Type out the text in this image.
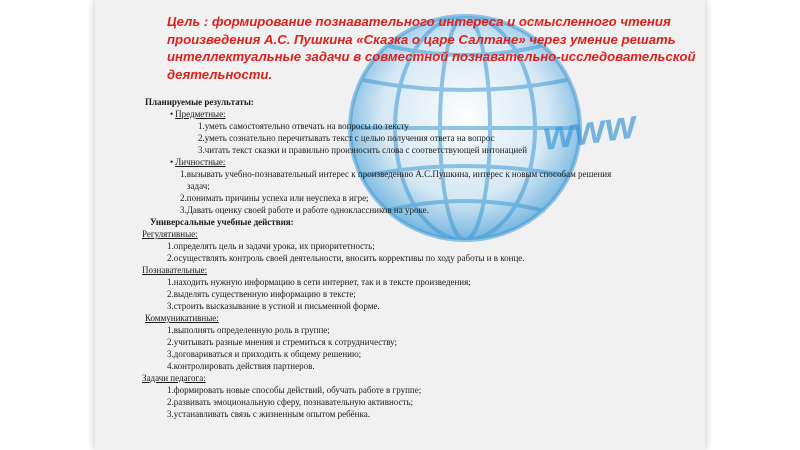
www
Цель : формирование познавательного интереса и осмысленного чтения произведения А.С. Пушкина «Сказка о царе Салтане» через умение решать интеллектуальные задачи в совместной познавательно-исследовательской деятельности.
Планируемые результаты:
• Предметные:
1.уметь самостоятельно отвечать на вопросы по тексту
2.уметь сознательно перечитывать текст с целью получения ответа на вопрос
3.читать текст сказки и правильно произносить слова с соответствующей интонацией
• Личностные:
1.вызывать учебно-познавательный интерес к произведению А.С.Пушкина, интерес к новым способам решения
задач;
2.понимать причины успеха или неуспеха в игре;
3.Давать оценку своей работе и работе одноклассников на уроке.
Универсальные учебные действия:
Регулятивные:
1.определять цель и задачи урока, их приоритетность;
2.осуществлять контроль своей деятельности, вносить коррективы по ходу работы и в конце.
Познавательные:
1.находить нужную информацию в сети интернет, так и в тексте произведения;
2.выделять существенную информацию в тексте;
3.строить высказывание в устной и письменной форме.
Коммуникативные:
1.выполнять определенную роль в группе;
2.учитывать разные мнения и стремиться к сотрудничеству;
3.договариваться и приходить к общему решению;
4.контролировать действия партнеров.
Задачи педагога:
1.формировать новые способы действий, обучать работе в группе;
2.развивать эмоциональную сферу, познавательную активность;
3.устанавливать связь с жизненным опытом ребёнка.
